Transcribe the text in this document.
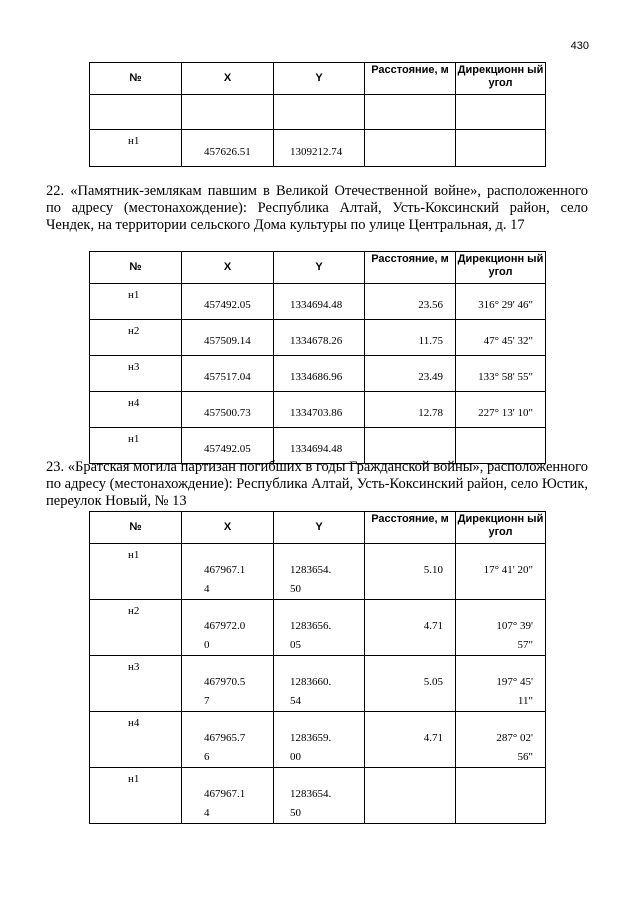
430
№	X	Y	Расстояние, м	Дирекционн ый угол

н1	457626.51	1309212.74		

22. «Памятник-землякам павшим в Великой Отечественной войне», расположенного по адресу (местонахождение): Республика Алтай, Усть-Коксинский район, село Чендек, на территории сельского Дома культуры по улице Центральная, д. 17

№	X	Y	Расстояние, м	Дирекционн ый угол

н1	457492.05	1334694.48	23.56	316° 29' 46"

н2	457509.14	1334678.26	11.75	47° 45' 32"

н3	457517.04	1334686.96	23.49	133° 58' 55"

н4	457500.73	1334703.86	12.78	227° 13' 10"

н1	457492.05	1334694.48		

23. «Братская могила партизан погибших в годы Гражданской войны», расположенного по адресу (местонахождение): Республика Алтай, Усть-Коксинский район, село Юстик, переулок Новый, № 13

№	X	Y	Расстояние, м	Дирекционн ый угол

н1	467967.14	1283654.50	5.10	17° 41' 20"

н2	467972.00	1283656.05	4.71	107° 39' 57"

н3	467970.57	1283660.54	5.05	197° 45' 11"

н4	467965.76	1283659.00	4.71	287° 02' 56"

н1	467967.14	1283654.50		
